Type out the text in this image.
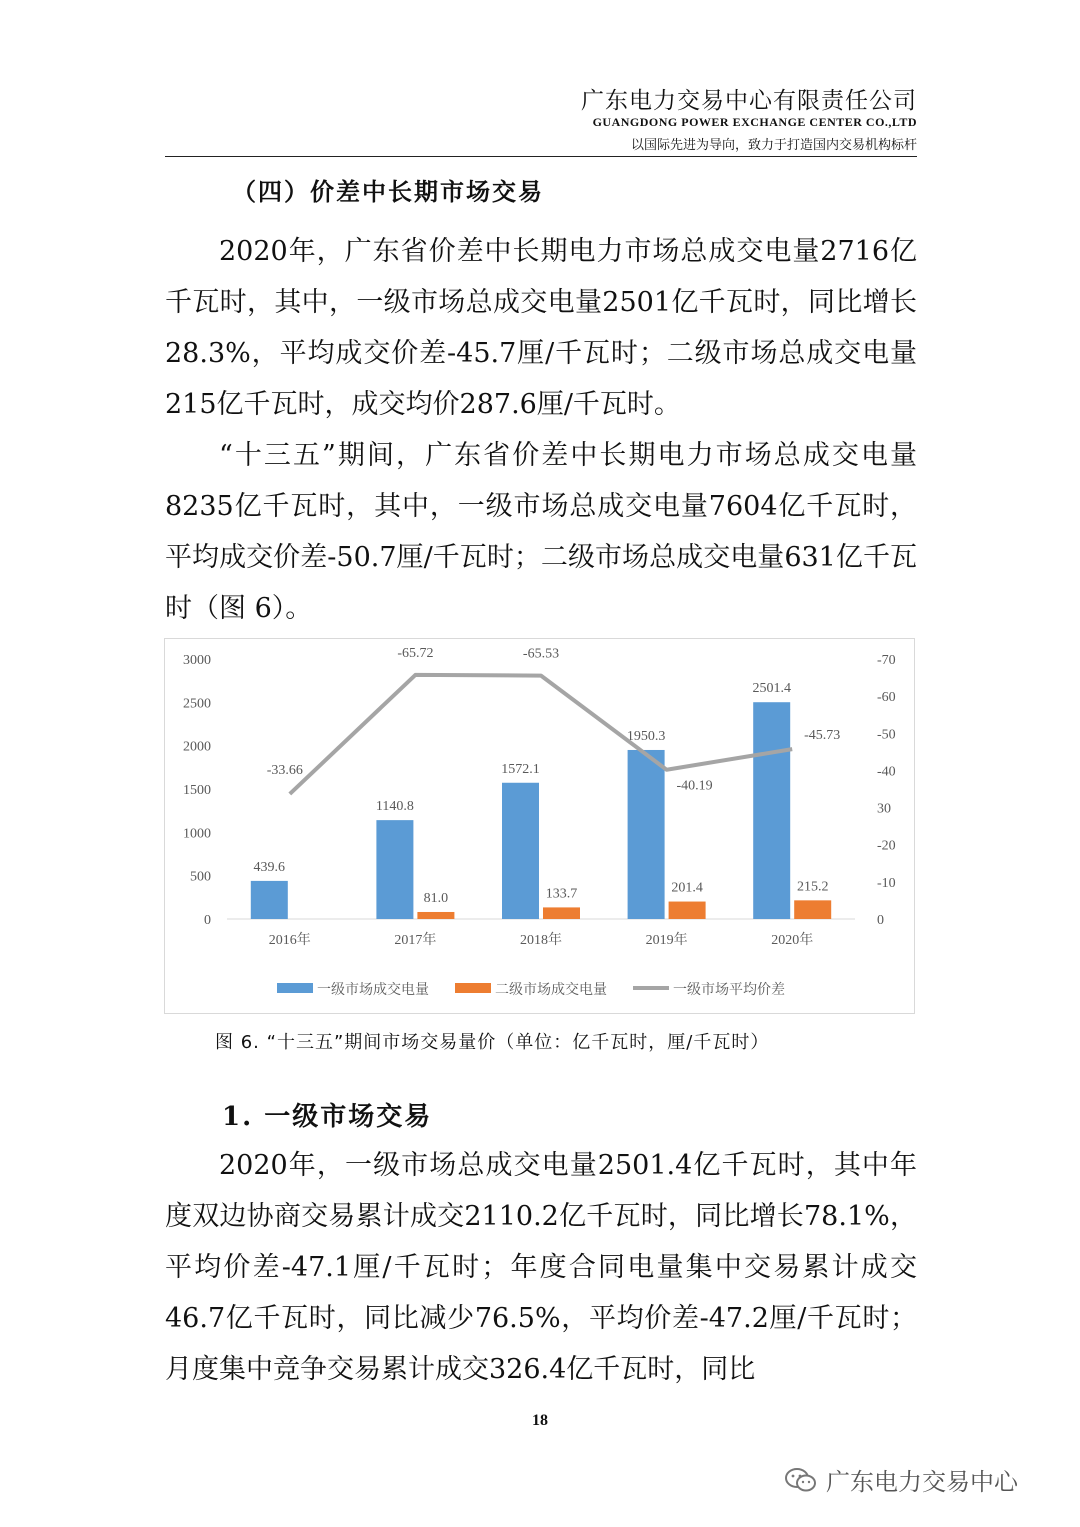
广东电力交易中心有限责任公司
GUANGDONG POWER EXCHANGE CENTER CO.,LTD
以国际先进为导向，致力于打造国内交易机构标杆
（四）价差中长期市场交易

2020年，广东省价差中长期电力市场总成交电量2716亿千瓦时，其中，一级市场总成交电量2501亿千瓦时，同比增长28.3%，平均成交价差-45.7厘/千瓦时；二级市场总成交电量215亿千瓦时，成交均价287.6厘/千瓦时。

“十三五”期间，广东省价差中长期电力市场总成交电量8235亿千瓦时，其中，一级市场总成交电量7604亿千瓦时，平均成交价差-50.7厘/千瓦时；二级市场总成交电量631亿千瓦时（图 6）。

3000
2500
2000
1500
1000
500
0
-70
-60
-50
-40
30
-20
-10
0
2016年	2017年	2018年	2019年	2020年
439.6
1140.8
1572.1
1950.3
2501.4
81.0	133.7	201.4	215.2
-33.66
-65.72	-65.53
-40.19
-45.73
一级市场成交电量	二级市场成交电量	一级市场平均价差
图 6. “十三五”期间市场交易量价（单位：亿千瓦时，厘/千瓦时）
1. 一级市场交易

2020年，一级市场总成交电量2501.4亿千瓦时，其中年度双边协商交易累计成交2110.2亿千瓦时，同比增长78.1%，平均价差-47.1厘/千瓦时；年度合同电量集中交易累计成交46.7亿千瓦时，同比减少76.5%，平均价差-47.2厘/千瓦时；月度集中竞争交易累计成交326.4亿千瓦时，同比

18
广东电力交易中心
